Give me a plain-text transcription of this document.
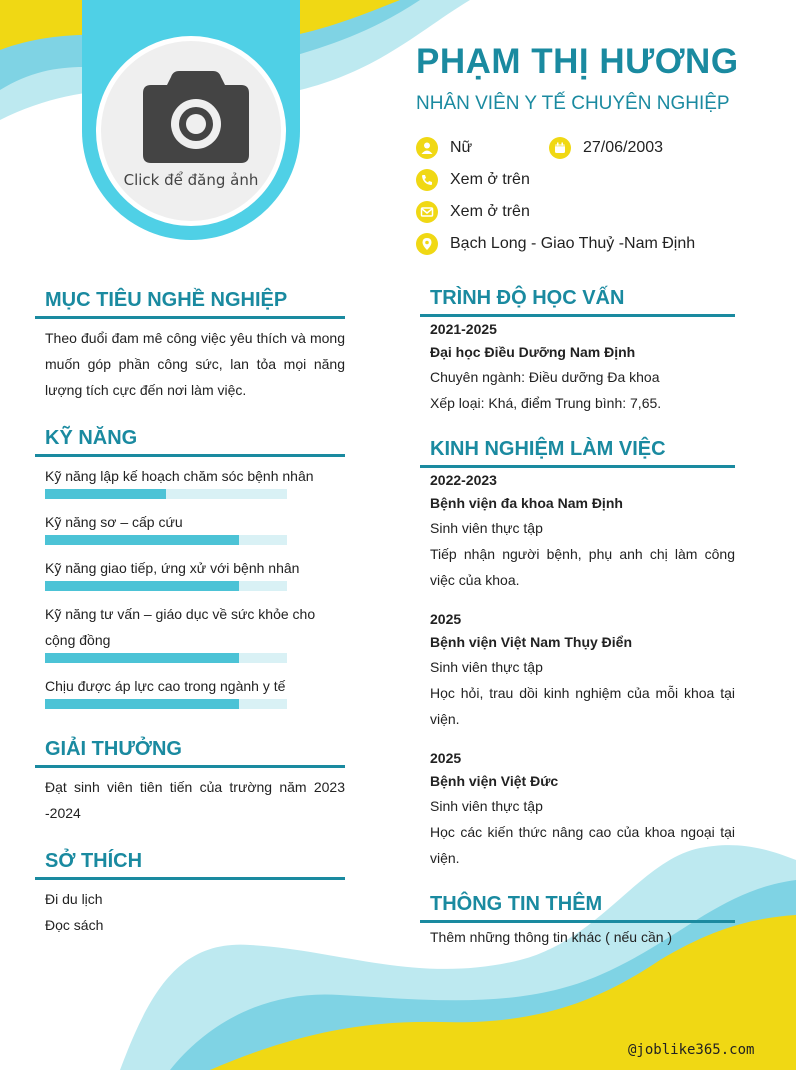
Click để đăng ảnh
PHẠM THỊ HƯƠNG
NHÂN VIÊN Y TẾ CHUYÊN NGHIỆP
Nữ	27/06/2003
Xem ở trên
Xem ở trên
Bạch Long - Giao Thuỷ -Nam Định
MỤC TIÊU NGHỀ NGHIỆP
Theo đuổi đam mê công việc yêu thích và mong muốn góp phần công sức, lan tỏa mọi năng lượng tích cực đến nơi làm việc.
KỸ NĂNG
Kỹ năng lập kế hoạch chăm sóc bệnh nhân
Kỹ năng sơ – cấp cứu
Kỹ năng giao tiếp, ứng xử với bệnh nhân
Kỹ năng tư vấn – giáo dục về sức khỏe cho cộng đồng
Chịu được áp lực cao trong ngành y tế
GIẢI THƯỞNG
Đạt sinh viên tiên tiến của trường năm 2023 -2024
SỞ THÍCH
Đi du lịch
Đọc sách
TRÌNH ĐỘ HỌC VẤN
2021-2025
Đại học Điều Dưỡng Nam Định
Chuyên ngành: Điều dưỡng Đa khoa
Xếp loại: Khá, điểm Trung bình: 7,65.
KINH NGHIỆM LÀM VIỆC
2022-2023
Bệnh viện đa khoa Nam Định
Sinh viên thực tập
Tiếp nhận người bệnh, phụ anh chị làm công việc của khoa.
2025
Bệnh viện Việt Nam Thụy Điển
Sinh viên thực tập
Học hỏi, trau dồi kinh nghiệm của mỗi khoa tại viện.
2025
Bệnh viện Việt Đức
Sinh viên thực tập
Học các kiến thức nâng cao của khoa ngoại tại viện.
THÔNG TIN THÊM
Thêm những thông tin khác ( nếu cần )
@joblike365.com
